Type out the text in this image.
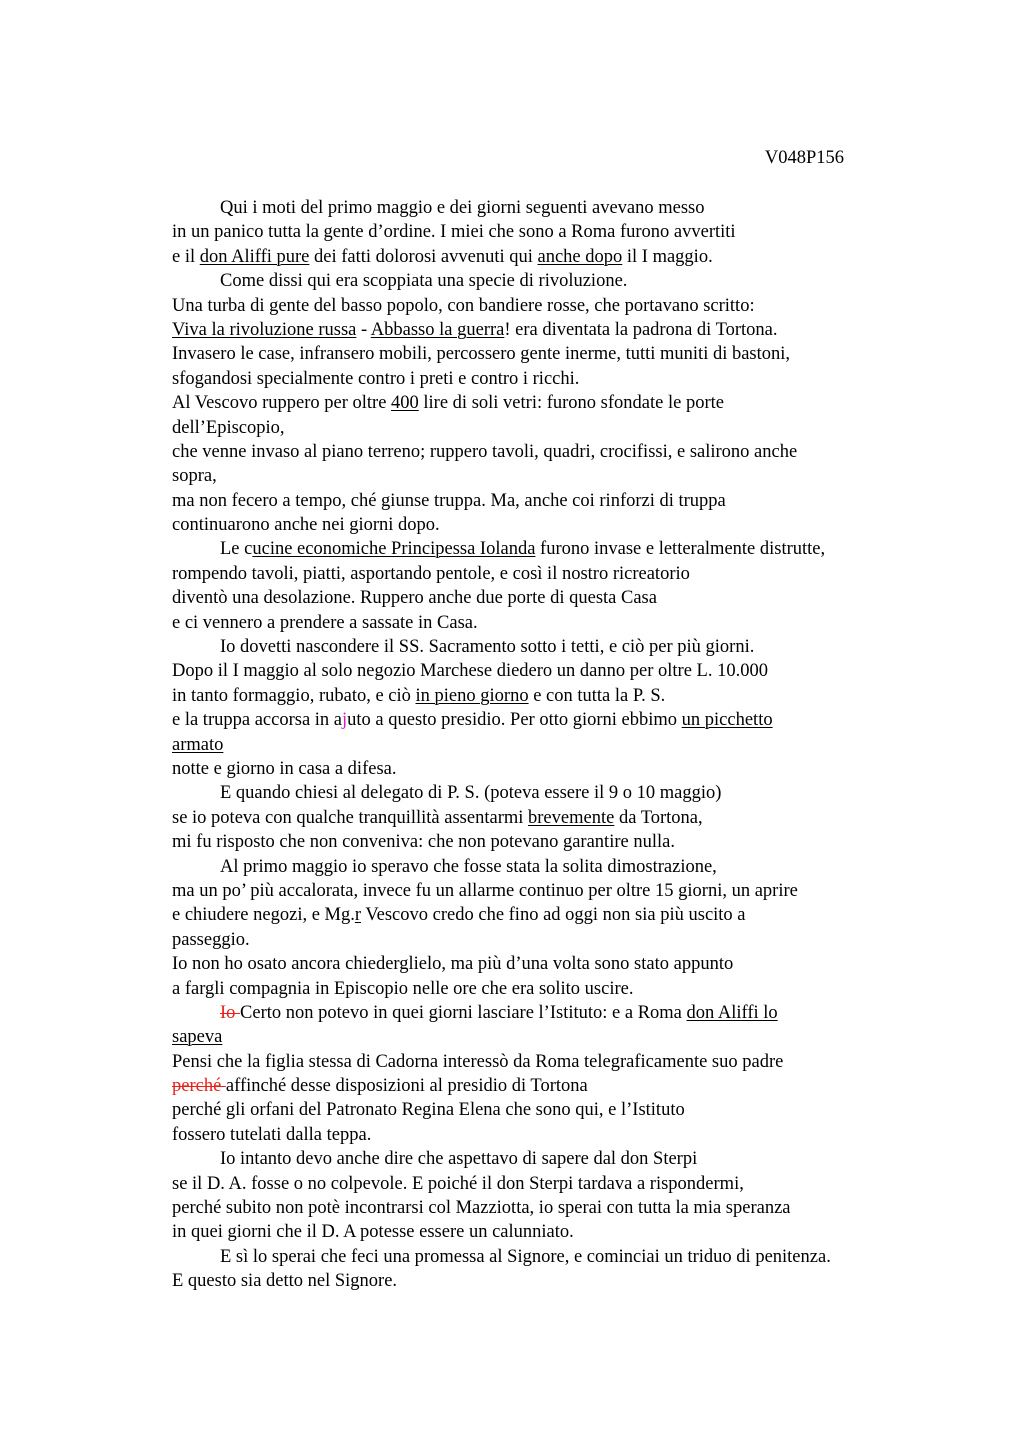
V048P156
Qui i moti del primo maggio e dei giorni seguenti avevano messo
in un panico tutta la gente d’ordine. I miei che sono a Roma furono avvertiti
e il don Aliffi pure dei fatti dolorosi avvenuti qui anche dopo il I maggio.
Come dissi qui era scoppiata una specie di rivoluzione.
Una turba di gente del basso popolo, con bandiere rosse, che portavano scritto:
Viva la rivoluzione russa - Abbasso la guerra! era diventata la padrona di Tortona.
Invasero le case, infransero mobili, percossero gente inerme, tutti muniti di bastoni,
sfogandosi specialmente contro i preti e contro i ricchi.
Al Vescovo ruppero per oltre 400 lire di soli vetri: furono sfondate le porte
dell’Episcopio,
che venne invaso al piano terreno; ruppero tavoli, quadri, crocifissi, e salirono anche
sopra,
ma non fecero a tempo, ché giunse truppa. Ma, anche coi rinforzi di truppa
continuarono anche nei giorni dopo.
Le cucine economiche Principessa Iolanda furono invase e letteralmente distrutte,
rompendo tavoli, piatti, asportando pentole, e così il nostro ricreatorio
diventò una desolazione. Ruppero anche due porte di questa Casa
e ci vennero a prendere a sassate in Casa.
Io dovetti nascondere il SS. Sacramento sotto i tetti, e ciò per più giorni.
Dopo il I maggio al solo negozio Marchese diedero un danno per oltre L. 10.000
in tanto formaggio, rubato, e ciò in pieno giorno e con tutta la P. S.
e la truppa accorsa in ajuto a questo presidio. Per otto giorni ebbimo un picchetto
armato
notte e giorno in casa a difesa.
E quando chiesi al delegato di P. S. (poteva essere il 9 o 10 maggio)
se io poteva con qualche tranquillità assentarmi brevemente da Tortona,
mi fu risposto che non conveniva: che non potevano garantire nulla.
Al primo maggio io speravo che fosse stata la solita dimostrazione,
ma un po’ più accalorata, invece fu un allarme continuo per oltre 15 giorni, un aprire
e chiudere negozi, e Mg.r Vescovo credo che fino ad oggi non sia più uscito a
passeggio.
Io non ho osato ancora chiederglielo, ma più d’una volta sono stato appunto
a fargli compagnia in Episcopio nelle ore che era solito uscire.
Io Certo non potevo in quei giorni lasciare l’Istituto: e a Roma don Aliffi lo
sapeva
Pensi che la figlia stessa di Cadorna interessò da Roma telegraficamente suo padre
perché affinché desse disposizioni al presidio di Tortona
perché gli orfani del Patronato Regina Elena che sono qui, e l’Istituto
fossero tutelati dalla teppa.
Io intanto devo anche dire che aspettavo di sapere dal don Sterpi
se il D. A. fosse o no colpevole. E poiché il don Sterpi tardava a rispondermi,
perché subito non potè incontrarsi col Mazziotta, io sperai con tutta la mia speranza
in quei giorni che il D. A potesse essere un calunniato.
E sì lo sperai che feci una promessa al Signore, e cominciai un triduo di penitenza.
E questo sia detto nel Signore.
